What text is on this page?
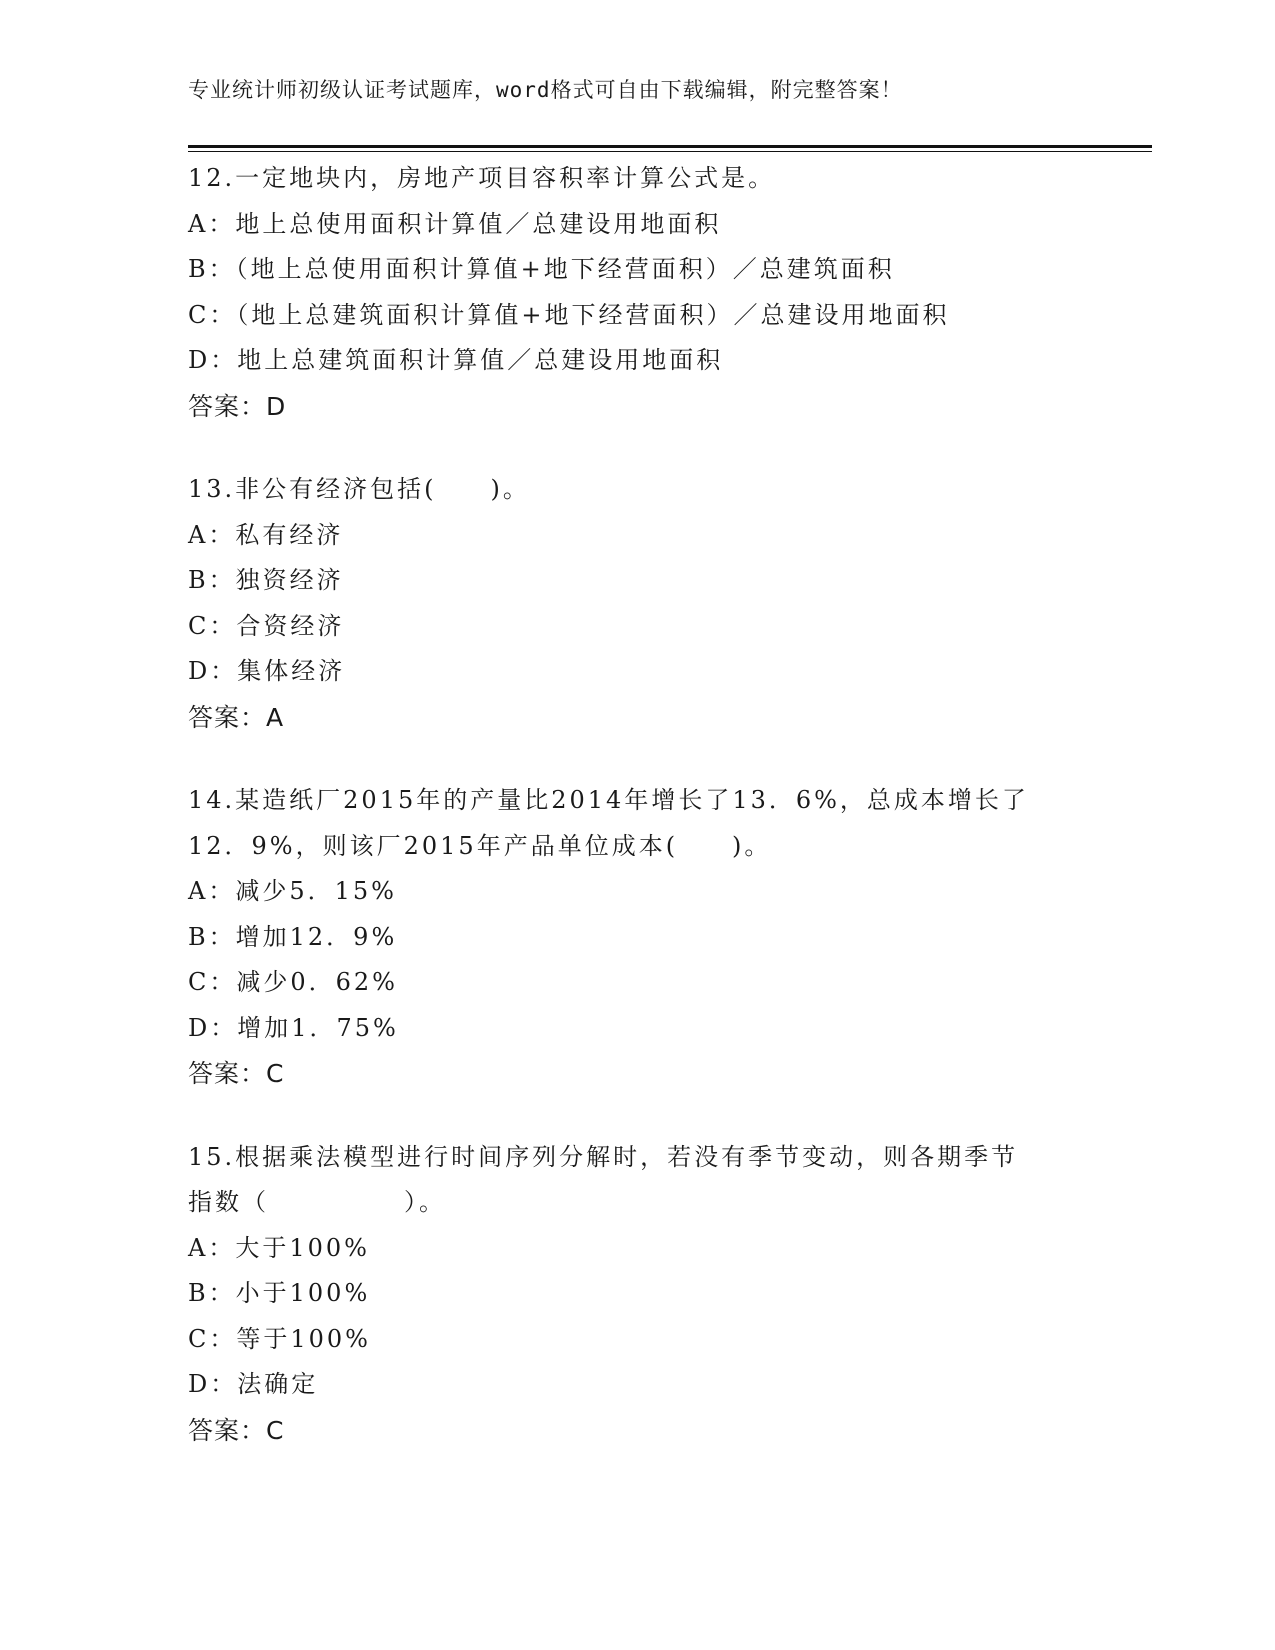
专业统计师初级认证考试题库，word格式可自由下载编辑，附完整答案！
12.一定地块内，房地产项目容积率计算公式是。
A：地上总使用面积计算值／总建设用地面积
B：（地上总使用面积计算值+地下经营面积）／总建筑面积
C：（地上总建筑面积计算值+地下经营面积）／总建设用地面积
D：地上总建筑面积计算值／总建设用地面积
答案：D
13.非公有经济包括(　　)。
A：私有经济
B：独资经济
C：合资经济
D：集体经济
答案：A
14.某造纸厂2015年的产量比2014年增长了13．6%，总成本增长了
12．9%，则该厂2015年产品单位成本(　　)。
A：减少5．15%
B：增加12．9%
C：减少0．62%
D：增加1．75%
答案：C
15.根据乘法模型进行时间序列分解时，若没有季节变动，则各期季节
指数（　　　　　）。
A：大于100%
B：小于100%
C：等于100%
D：法确定
答案：C
